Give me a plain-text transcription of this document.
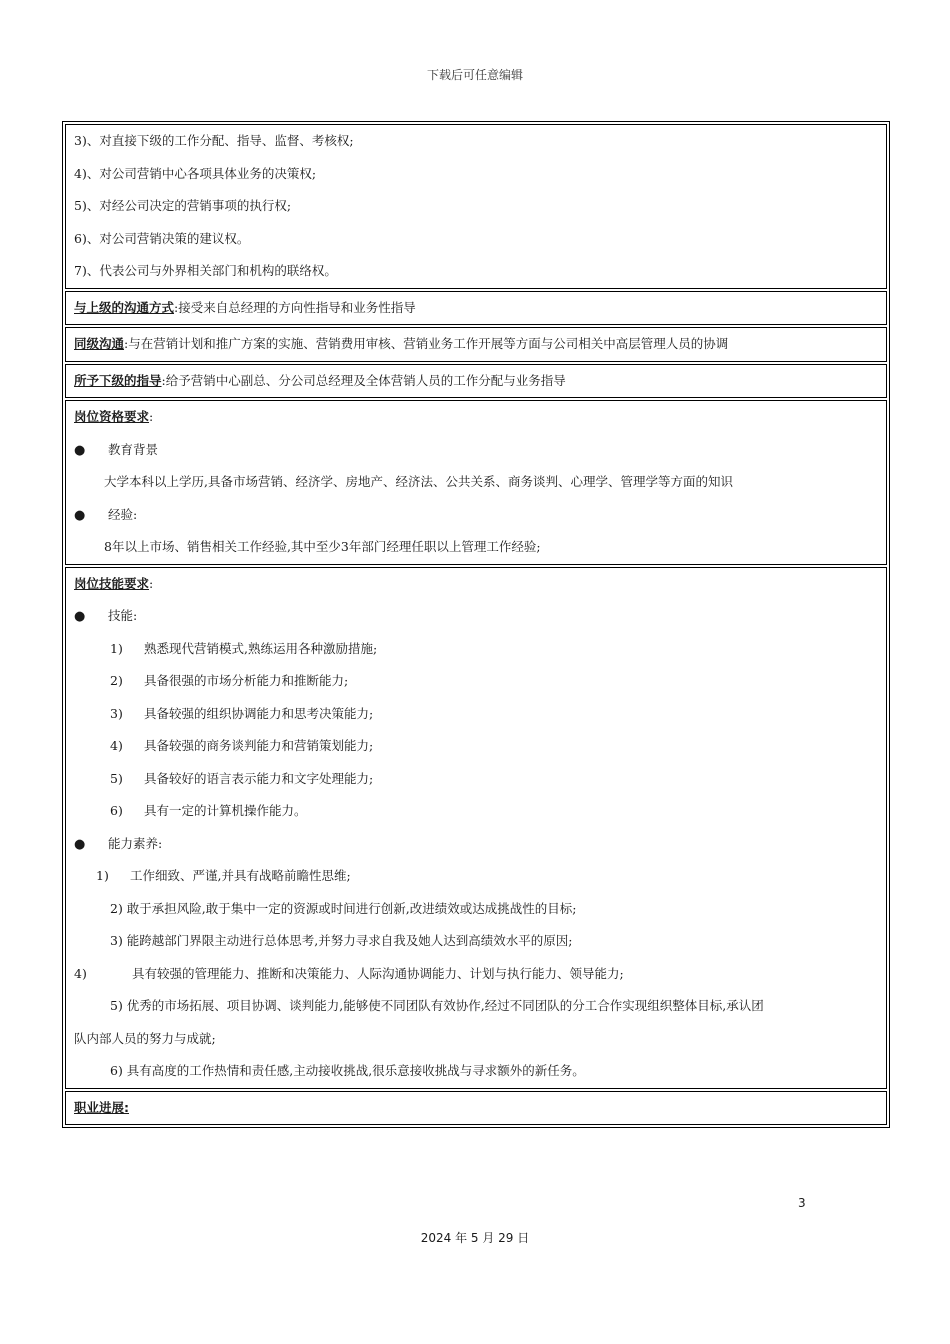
下载后可任意编辑
3)、对直接下级的工作分配、指导、监督、考核权;
4)、对公司营销中心各项具体业务的决策权;
5)、对经公司决定的营销事项的执行权;
6)、对公司营销决策的建议权。
7)、代表公司与外界相关部门和机构的联络权。
与上级的沟通方式:接受来自总经理的方向性指导和业务性指导
同级沟通:与在营销计划和推广方案的实施、营销费用审核、营销业务工作开展等方面与公司相关中高层管理人员的协调
所予下级的指导:给予营销中心副总、分公司总经理及全体营销人员的工作分配与业务指导
岗位资格要求:
● 教育背景
大学本科以上学历,具备市场营销、经济学、房地产、经济法、公共关系、商务谈判、心理学、管理学等方面的知识
● 经验:
8年以上市场、销售相关工作经验,其中至少3年部门经理任职以上管理工作经验;
岗位技能要求:
● 技能:
1) 熟悉现代营销模式,熟练运用各种激励措施;
2) 具备很强的市场分析能力和推断能力;
3) 具备较强的组织协调能力和思考决策能力;
4) 具备较强的商务谈判能力和营销策划能力;
5) 具备较好的语言表示能力和文字处理能力;
6) 具有一定的计算机操作能力。
● 能力素养:
1) 工作细致、严谨,并具有战略前瞻性思维;
2) 敢于承担风险,敢于集中一定的资源或时间进行创新,改进绩效或达成挑战性的目标;
3) 能跨越部门界限主动进行总体思考,并努力寻求自我及她人达到高绩效水平的原因;
4)	具有较强的管理能力、推断和决策能力、人际沟通协调能力、计划与执行能力、领导能力;
5) 优秀的市场拓展、项目协调、谈判能力,能够使不同团队有效协作,经过不同团队的分工合作实现组织整体目标,承认团
队内部人员的努力与成就;
6) 具有高度的工作热情和责任感,主动接收挑战,很乐意接收挑战与寻求额外的新任务。
职业进展:
3
2024 年 5 月 29 日
